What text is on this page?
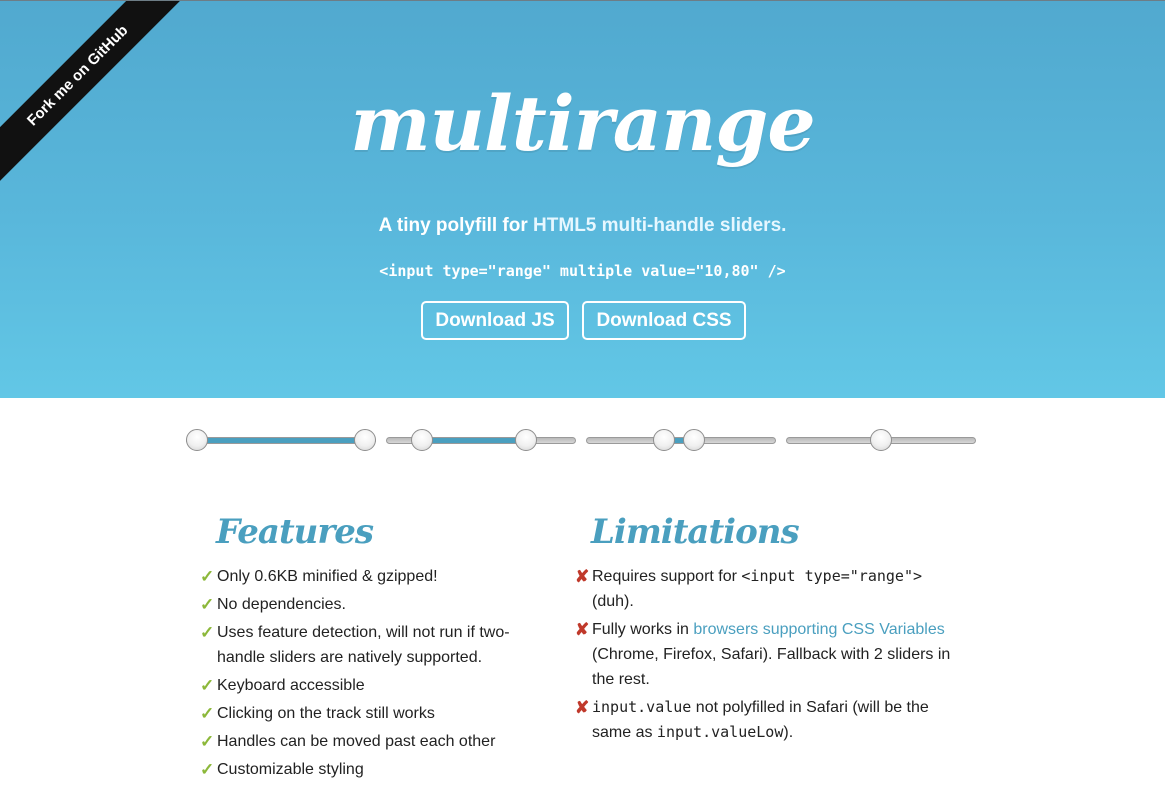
Fork me on GitHub	multirange
A tiny polyfill for HTML5 multi-handle sliders.
<input type="range" multiple value="10,80" />
Download JS	Download CSS
Features
✓ Only 0.6KB minified & gzipped!
✓ No dependencies.
✓ Uses feature detection, will not run if two-handle sliders are natively supported.
✓ Keyboard accessible
✓ Clicking on the track still works
✓ Handles can be moved past each other
✓ Customizable styling
Limitations
✘ Requires support for <input type="range"> (duh).
✘ Fully works in browsers supporting CSS Variables (Chrome, Firefox, Safari). Fallback with 2 sliders in the rest.
✘ input.value not polyfilled in Safari (will be the same as input.valueLow).
